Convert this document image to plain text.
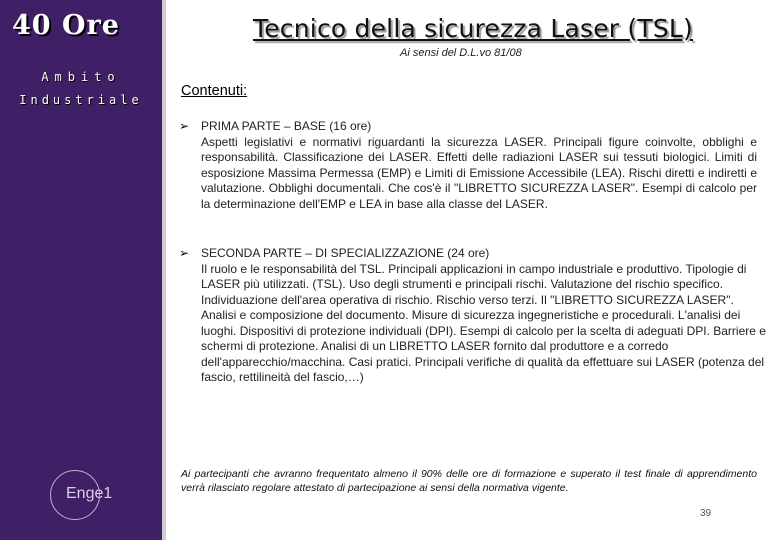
40 Ore
Ambito
Industriale
Enge1
Tecnico della sicurezza Laser (TSL)
Ai sensi del D.L.vo 81/08
Contenuti:
➢ PRIMA PARTE – BASE (16 ore)
Aspetti legislativi e normativi riguardanti la sicurezza LASER. Principali figure coinvolte, obblighi e responsabilità. Classificazione dei LASER. Effetti delle radiazioni LASER sui tessuti biologici. Limiti di esposizione Massima Permessa (EMP) e Limiti di Emissione Accessibile (LEA). Rischi diretti e indiretti e valutazione. Obblighi documentali. Che cos'è il "LIBRETTO SICUREZZA LASER". Esempi di calcolo per la determinazione dell'EMP e LEA in base alla classe del LASER.
➢ SECONDA PARTE – DI SPECIALIZZAZIONE (24 ore)
Il ruolo e le responsabilità del TSL. Principali applicazioni in campo industriale e produttivo. Tipologie di LASER più utilizzati. (TSL). Uso degli strumenti e principali rischi. Valutazione del rischio specifico. Individuazione dell'area operativa di rischio. Rischio verso terzi. Il "LIBRETTO SICUREZZA LASER". Analisi e composizione del documento. Misure di sicurezza ingegneristiche e procedurali. L'analisi dei luoghi. Dispositivi di protezione individuali (DPI). Esempi di calcolo per la scelta di adeguati DPI. Barriere e schermi di protezione. Analisi di un LIBRETTO LASER fornito dal produttore e a corredo dell'apparecchio/macchina. Casi pratici. Principali verifiche di qualità da effettuare sui LASER (potenza del fascio, rettilineità del fascio,…)
Ai partecipanti che avranno frequentato almeno il 90% delle ore di formazione e superato il test finale di apprendimento verrà rilasciato regolare attestato di partecipazione ai sensi della normativa vigente.
39
